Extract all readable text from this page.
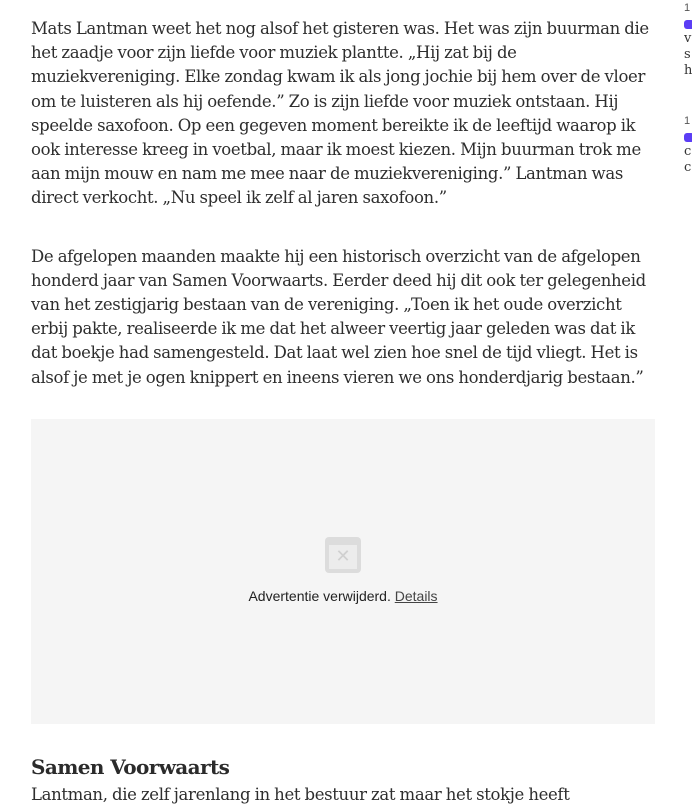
Mats Lantman weet het nog alsof het gisteren was. Het was zijn buurman die het zaadje voor zijn liefde voor muziek plantte. „Hij zat bij de muziekvereniging. Elke zondag kwam ik als jong jochie bij hem over de vloer om te luisteren als hij oefende.” Zo is zijn liefde voor muziek ontstaan. Hij speelde saxofoon. Op een gegeven moment bereikte ik de leeftijd waarop ik ook interesse kreeg in voetbal, maar ik moest kiezen. Mijn buurman trok me aan mijn mouw en nam me mee naar de muziekvereniging.” Lantman was direct verkocht. „Nu speel ik zelf al jaren saxofoon.”

De afgelopen maanden maakte hij een historisch overzicht van de afgelopen honderd jaar van Samen Voorwaarts. Eerder deed hij dit ook ter gelegenheid van het zestigjarig bestaan van de vereniging. „Toen ik het oude overzicht erbij pakte, realiseerde ik me dat het alweer veertig jaar geleden was dat ik dat boekje had samengesteld. Dat laat wel zien hoe snel de tijd vliegt. Het is alsof je met je ogen knippert en ineens vieren we ons honderdjarig bestaan.”

✕
Advertentie verwijderd. Details
Samen Voorwaarts

Lantman, die zelf jarenlang in het bestuur zat maar het stokje heeft

1
v
s
h
1
c
c
